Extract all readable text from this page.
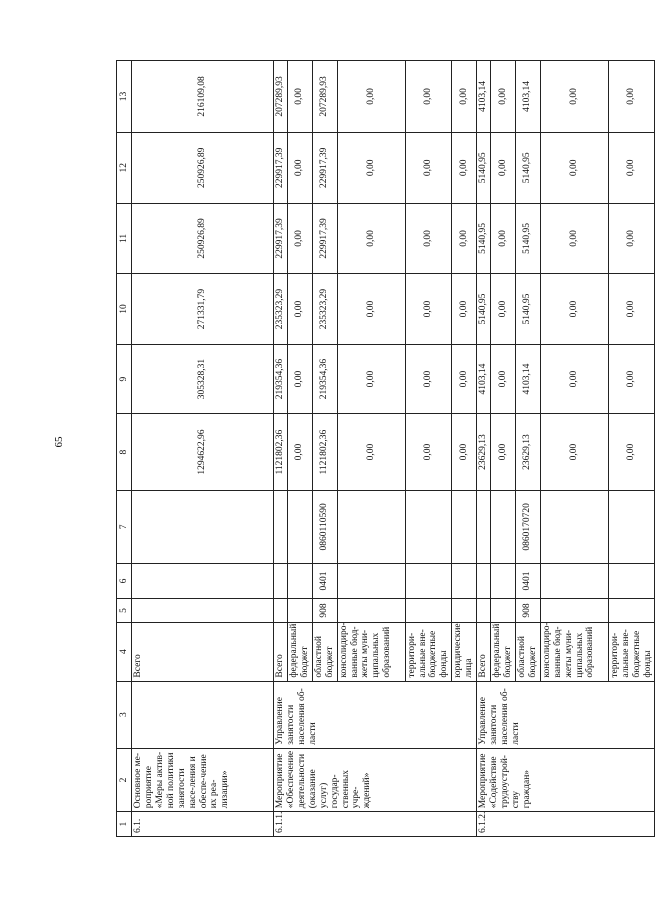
65
1	2	3	4	5	6	7	8	9	10	11	12	13
6.1.	Основное ме-роприятие «Меры актив-ной политики занятости насе-ления и обеспе-чение их реа-лизации»		Всего				1294622,96	305328,31	271331,79	250926,89	250926,89	216109,08
6.1.1.	Мероприятие «Обеспечение деятельности (оказание услуг) государ-ственных учре-ждений»	Управление занятости населения об-ласти	Всего				1121802,36	219354,36	235323,29	229917,39	229917,39	207289,93
			федеральный бюджет				0,00	0,00	0,00	0,00	0,00	0,00
			областной бюджет	908	0401	0860110590	1121802,36	219354,36	235323,29	229917,39	229917,39	207289,93
			консолидиро-ванные бюд-жеты муни-ципальных образований				0,00	0,00	0,00	0,00	0,00	0,00
			территори-альные вне-бюджетные фонды				0,00	0,00	0,00	0,00	0,00	0,00
			юридические лица				0,00	0,00	0,00	0,00	0,00	0,00
6.1.2.	Мероприятие «Содействие трудоустрой-ству граждан»	Управление занятости населения об-ласти	Всего				23629,13	4103,14	5140,95	5140,95	5140,95	4103,14
			федеральный бюджет				0,00	0,00	0,00	0,00	0,00	0,00
			областной бюджет	908	0401	0860170720	23629,13	4103,14	5140,95	5140,95	5140,95	4103,14
			консолидиро-ванные бюд-жеты муни-ципальных образований				0,00	0,00	0,00	0,00	0,00	0,00
			территори-альные вне-бюджетные фонды				0,00	0,00	0,00	0,00	0,00	0,00
